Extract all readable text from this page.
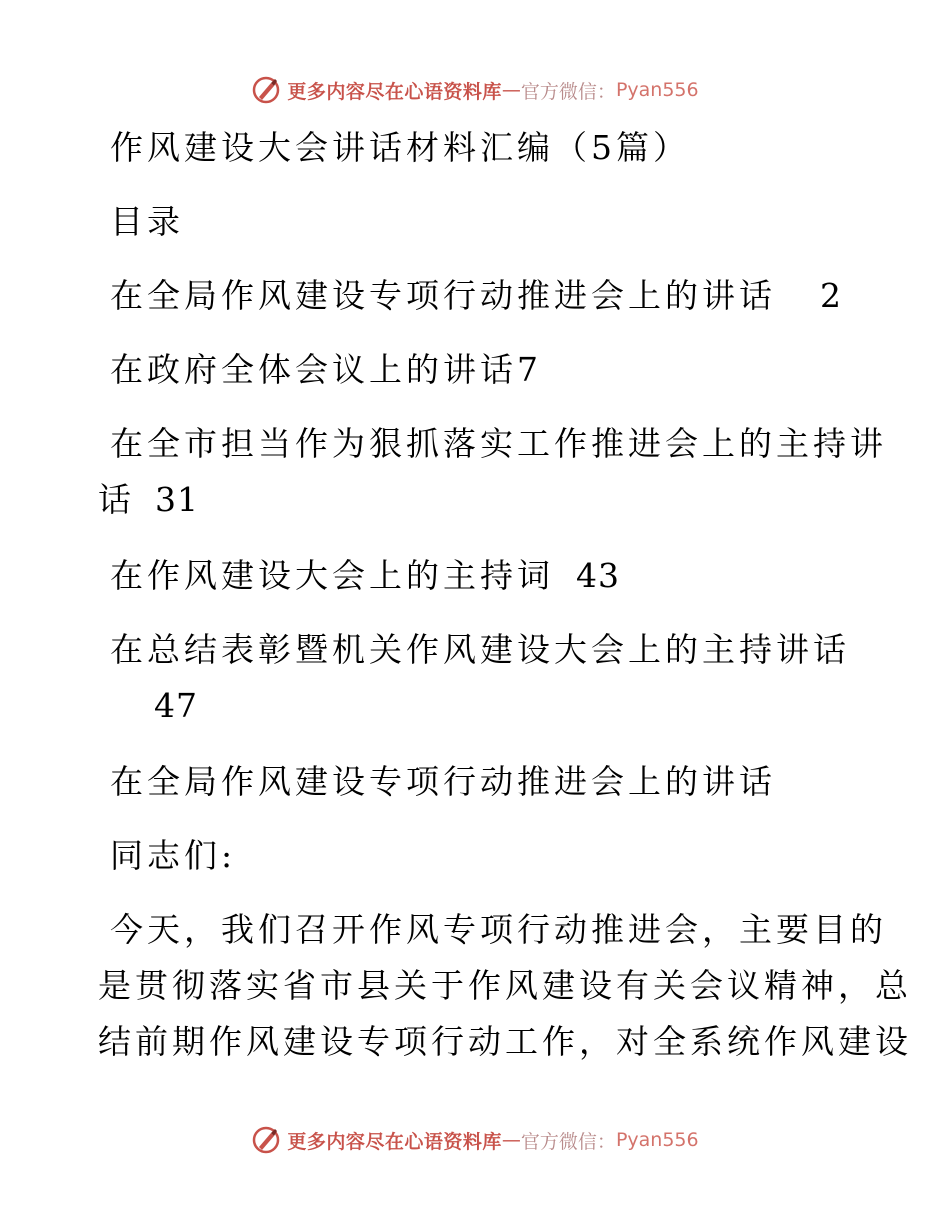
更多内容尽在心语资料库 — 官方微信： Pyan556
作风建设大会讲话材料汇编（5篇）
目录
在全局作风建设专项行动推进会上的讲话 2
在政府全体会议上的讲话7
在全市担当作为狠抓落实工作推进会上的主持讲
话 31
在作风建设大会上的主持词 43
在总结表彰暨机关作风建设大会上的主持讲话
47
在全局作风建设专项行动推进会上的讲话
同志们:
今天，我们召开作风专项行动推进会，主要目的
是贯彻落实省市县关于作风建设有关会议精神，总
结前期作风建设专项行动工作，对全系统作风建设
更多内容尽在心语资料库 — 官方微信： Pyan556
